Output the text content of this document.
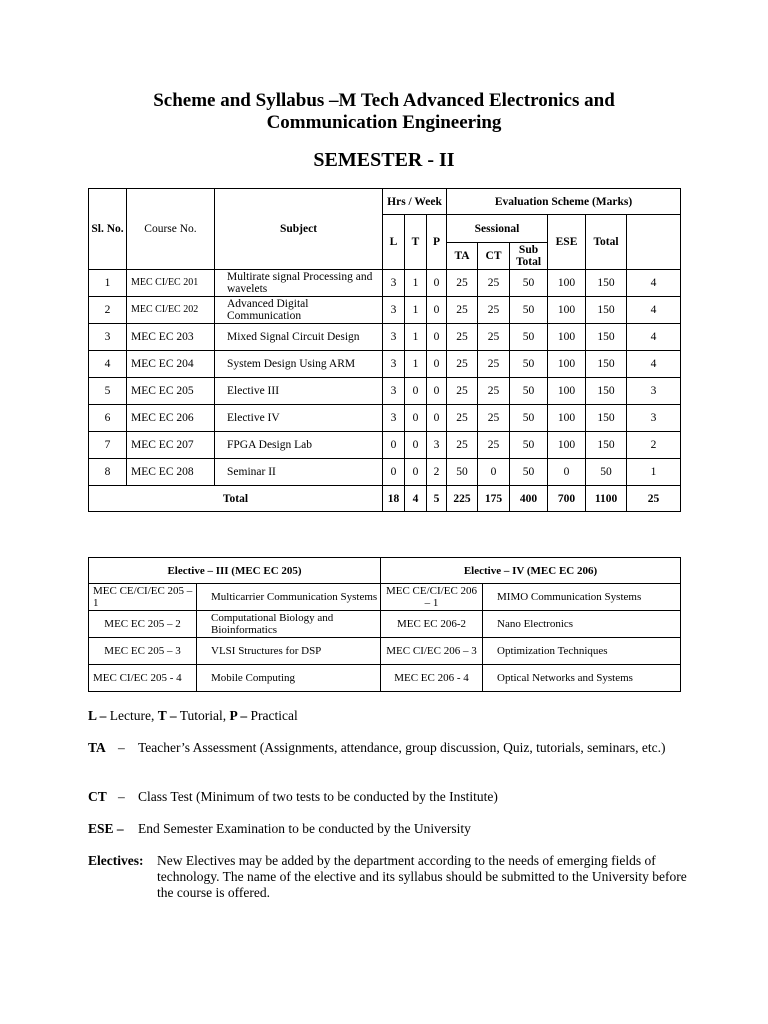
Scheme and Syllabus –M Tech Advanced Electronics and
Communication Engineering
SEMESTER - II
Sl. No.	Course No.	Subject	Hrs / Week			Evaluation Scheme (Marks)	
			L	T	P	Sessional			ESE	Total		
						TA	CT	Sub Total				
1	MEC CI/EC 201	Multirate signal Processing and wavelets	3	1	0	25	25	50	100	150	4	
2	MEC CI/EC 202	Advanced Digital Communication	3	1	0	25	25	50	100	150	4	
3	MEC EC 203	Mixed Signal Circuit Design	3	1	0	25	25	50	100	150	4	
4	MEC EC 204	System Design Using ARM	3	1	0	25	25	50	100	150	4	
5	MEC EC 205	Elective III	3	0	0	25	25	50	100	150	3	
6	MEC EC 206	Elective IV	3	0	0	25	25	50	100	150	3	
7	MEC EC 207	FPGA Design Lab	0	0	3	25	25	50	100	150	2	
8	MEC EC 208	Seminar II	0	0	2	50	0	50	0	50	1	
Total			18	4	5	225	175	400	700	1100	25	
Elective – III (MEC EC 205)		Elective – IV (MEC EC 206)	
MEC CE/CI/EC 205 – 1	Multicarrier Communication Systems	MEC CE/CI/EC 206 – 1	MIMO Communication Systems
MEC EC 205 – 2	Computational Biology and Bioinformatics	MEC EC 206-2	Nano Electronics
MEC EC 205 – 3	VLSI Structures for DSP	MEC CI/EC 206 – 3	Optimization Techniques
MEC CI/EC 205 - 4	Mobile Computing	MEC EC 206 - 4	Optical Networks and Systems
L – Lecture, T – Tutorial, P – Practical
TA – Teacher’s Assessment (Assignments, attendance, group discussion, Quiz, tutorials, seminars, etc.)
CT – Class Test (Minimum of two tests to be conducted by the Institute)
ESE – End Semester Examination to be conducted by the University
Electives: New Electives may be added by the department according to the needs of emerging fields of technology. The name of the elective and its syllabus should be submitted to the University before the course is offered.
